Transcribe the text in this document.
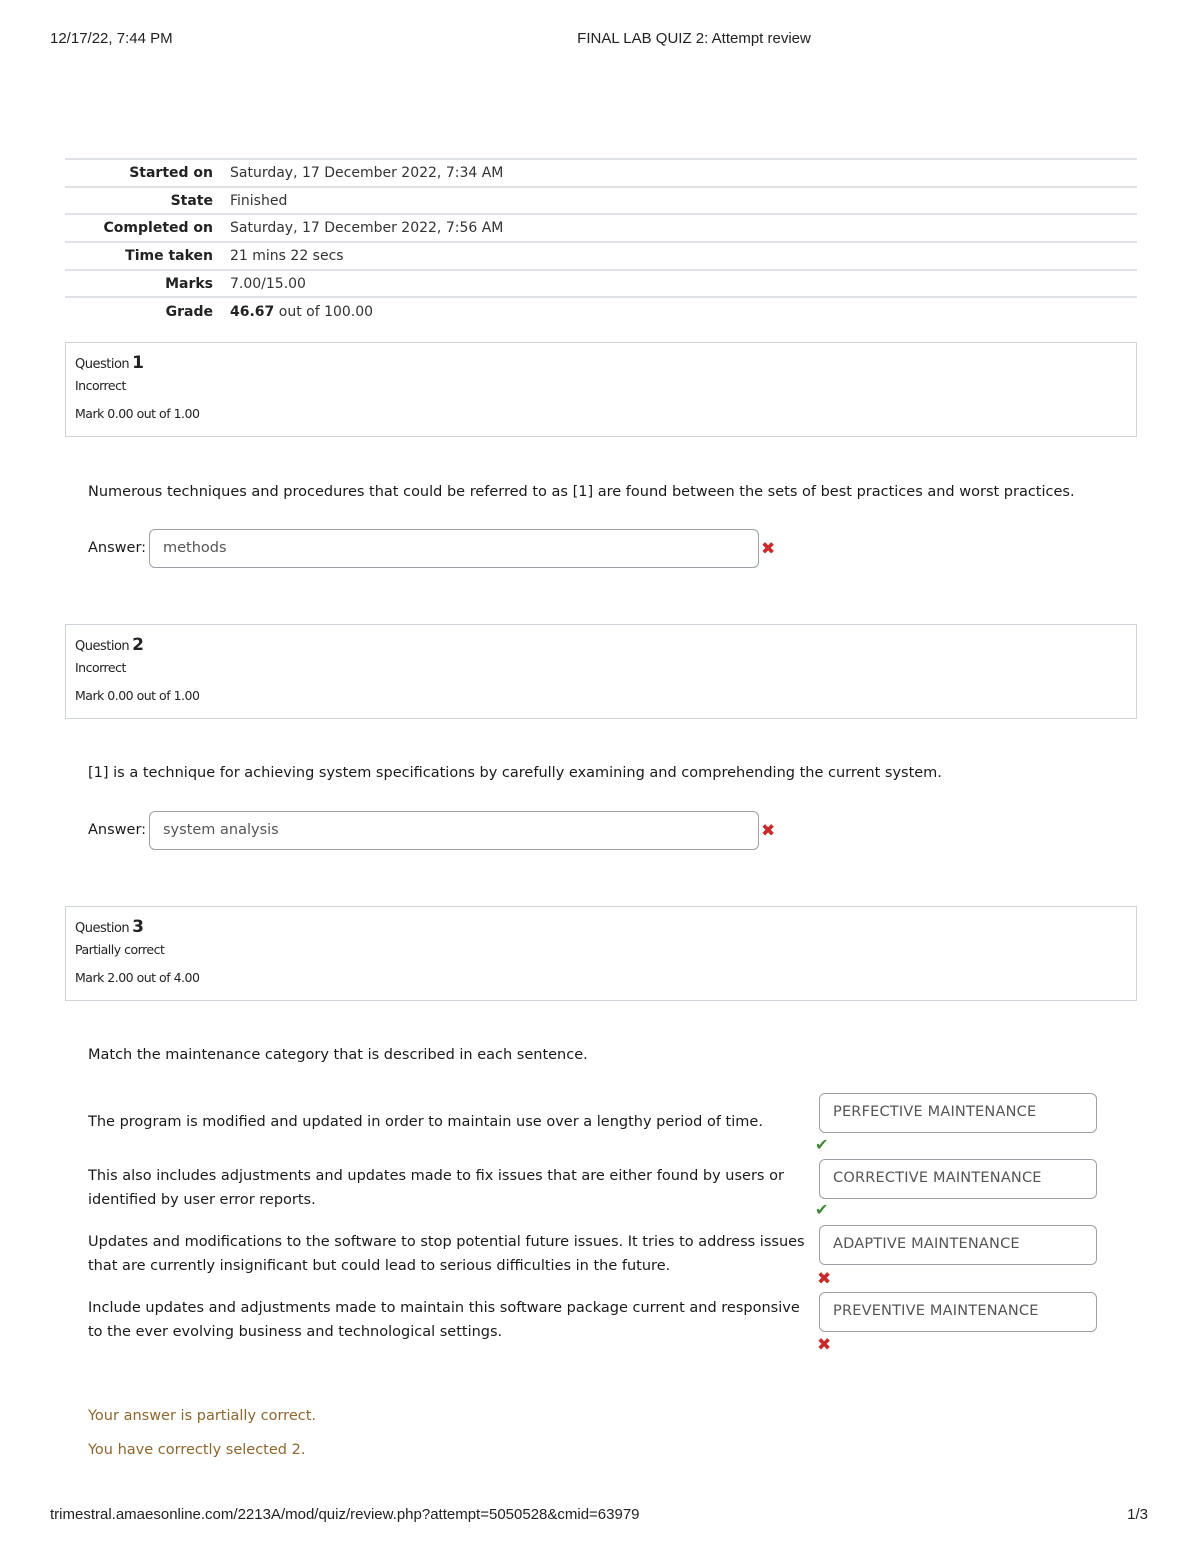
12/17/22, 7:44 PM	FINAL LAB QUIZ 2: Attempt review
Started on	Saturday, 17 December 2022, 7:34 AM
State	Finished
Completed on	Saturday, 17 December 2022, 7:56 AM
Time taken	21 mins 22 secs
Marks	7.00/15.00
Grade	46.67 out of 100.00
Question 1
Incorrect
Mark 0.00 out of 1.00
Numerous techniques and procedures that could be referred to as [1] are found between the sets of best practices and worst practices.
Answer:	methods	✖
Question 2
Incorrect
Mark 0.00 out of 1.00
[1] is a technique for achieving system specifications by carefully examining and comprehending the current system.
Answer:	system analysis	✖
Question 3
Partially correct
Mark 2.00 out of 4.00
Match the maintenance category that is described in each sentence.
The program is modified and updated in order to maintain use over a lengthy period of time.
PERFECTIVE MAINTENANCE
✔
This also includes adjustments and updates made to fix issues that are either found by users or identified by user error reports.
CORRECTIVE MAINTENANCE
✔
Updates and modifications to the software to stop potential future issues. It tries to address issues that are currently insignificant but could lead to serious difficulties in the future.
ADAPTIVE MAINTENANCE
✖
Include updates and adjustments made to maintain this software package current and responsive to the ever evolving business and technological settings.
PREVENTIVE MAINTENANCE
✖
Your answer is partially correct.
You have correctly selected 2.
trimestral.amaesonline.com/2213A/mod/quiz/review.php?attempt=5050528&cmid=63979	1/3
